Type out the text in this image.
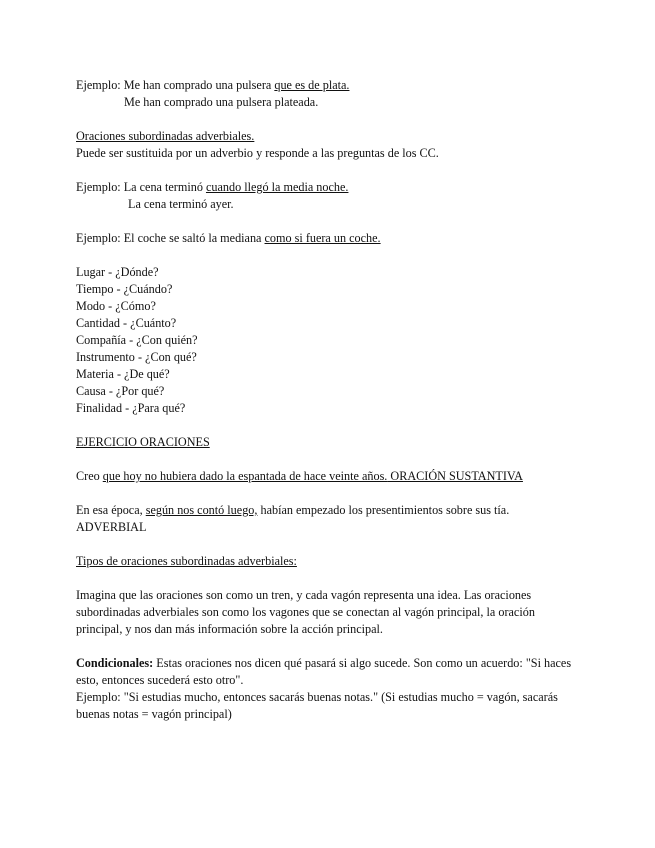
Ejemplo: Me han comprado una pulsera que es de plata.
Me han comprado una pulsera plateada.
Oraciones subordinadas adverbiales.
Puede ser sustituida por un adverbio y responde a las preguntas de los CC.
Ejemplo: La cena terminó cuando llegó la media noche.
La cena terminó ayer.
Ejemplo: El coche se saltó la mediana como si fuera un coche.
Lugar - ¿Dónde?
Tiempo - ¿Cuándo?
Modo - ¿Cómo?
Cantidad - ¿Cuánto?
Compañía - ¿Con quién?
Instrumento - ¿Con qué?
Materia - ¿De qué?
Causa - ¿Por qué?
Finalidad - ¿Para qué?
EJERCICIO ORACIONES
Creo que hoy no hubiera dado la espantada de hace veinte años. ORACIÓN SUSTANTIVA
En esa época, según nos contó luego, habían empezado los presentimientos sobre sus tía.
ADVERBIAL
Tipos de oraciones subordinadas adverbiales:
Imagina que las oraciones son como un tren, y cada vagón representa una idea. Las oraciones subordinadas adverbiales son como los vagones que se conectan al vagón principal, la oración principal, y nos dan más información sobre la acción principal.
Condicionales: Estas oraciones nos dicen qué pasará si algo sucede. Son como un acuerdo: "Si haces esto, entonces sucederá esto otro".
Ejemplo: "Si estudias mucho, entonces sacarás buenas notas." (Si estudias mucho = vagón, sacarás buenas notas = vagón principal)
